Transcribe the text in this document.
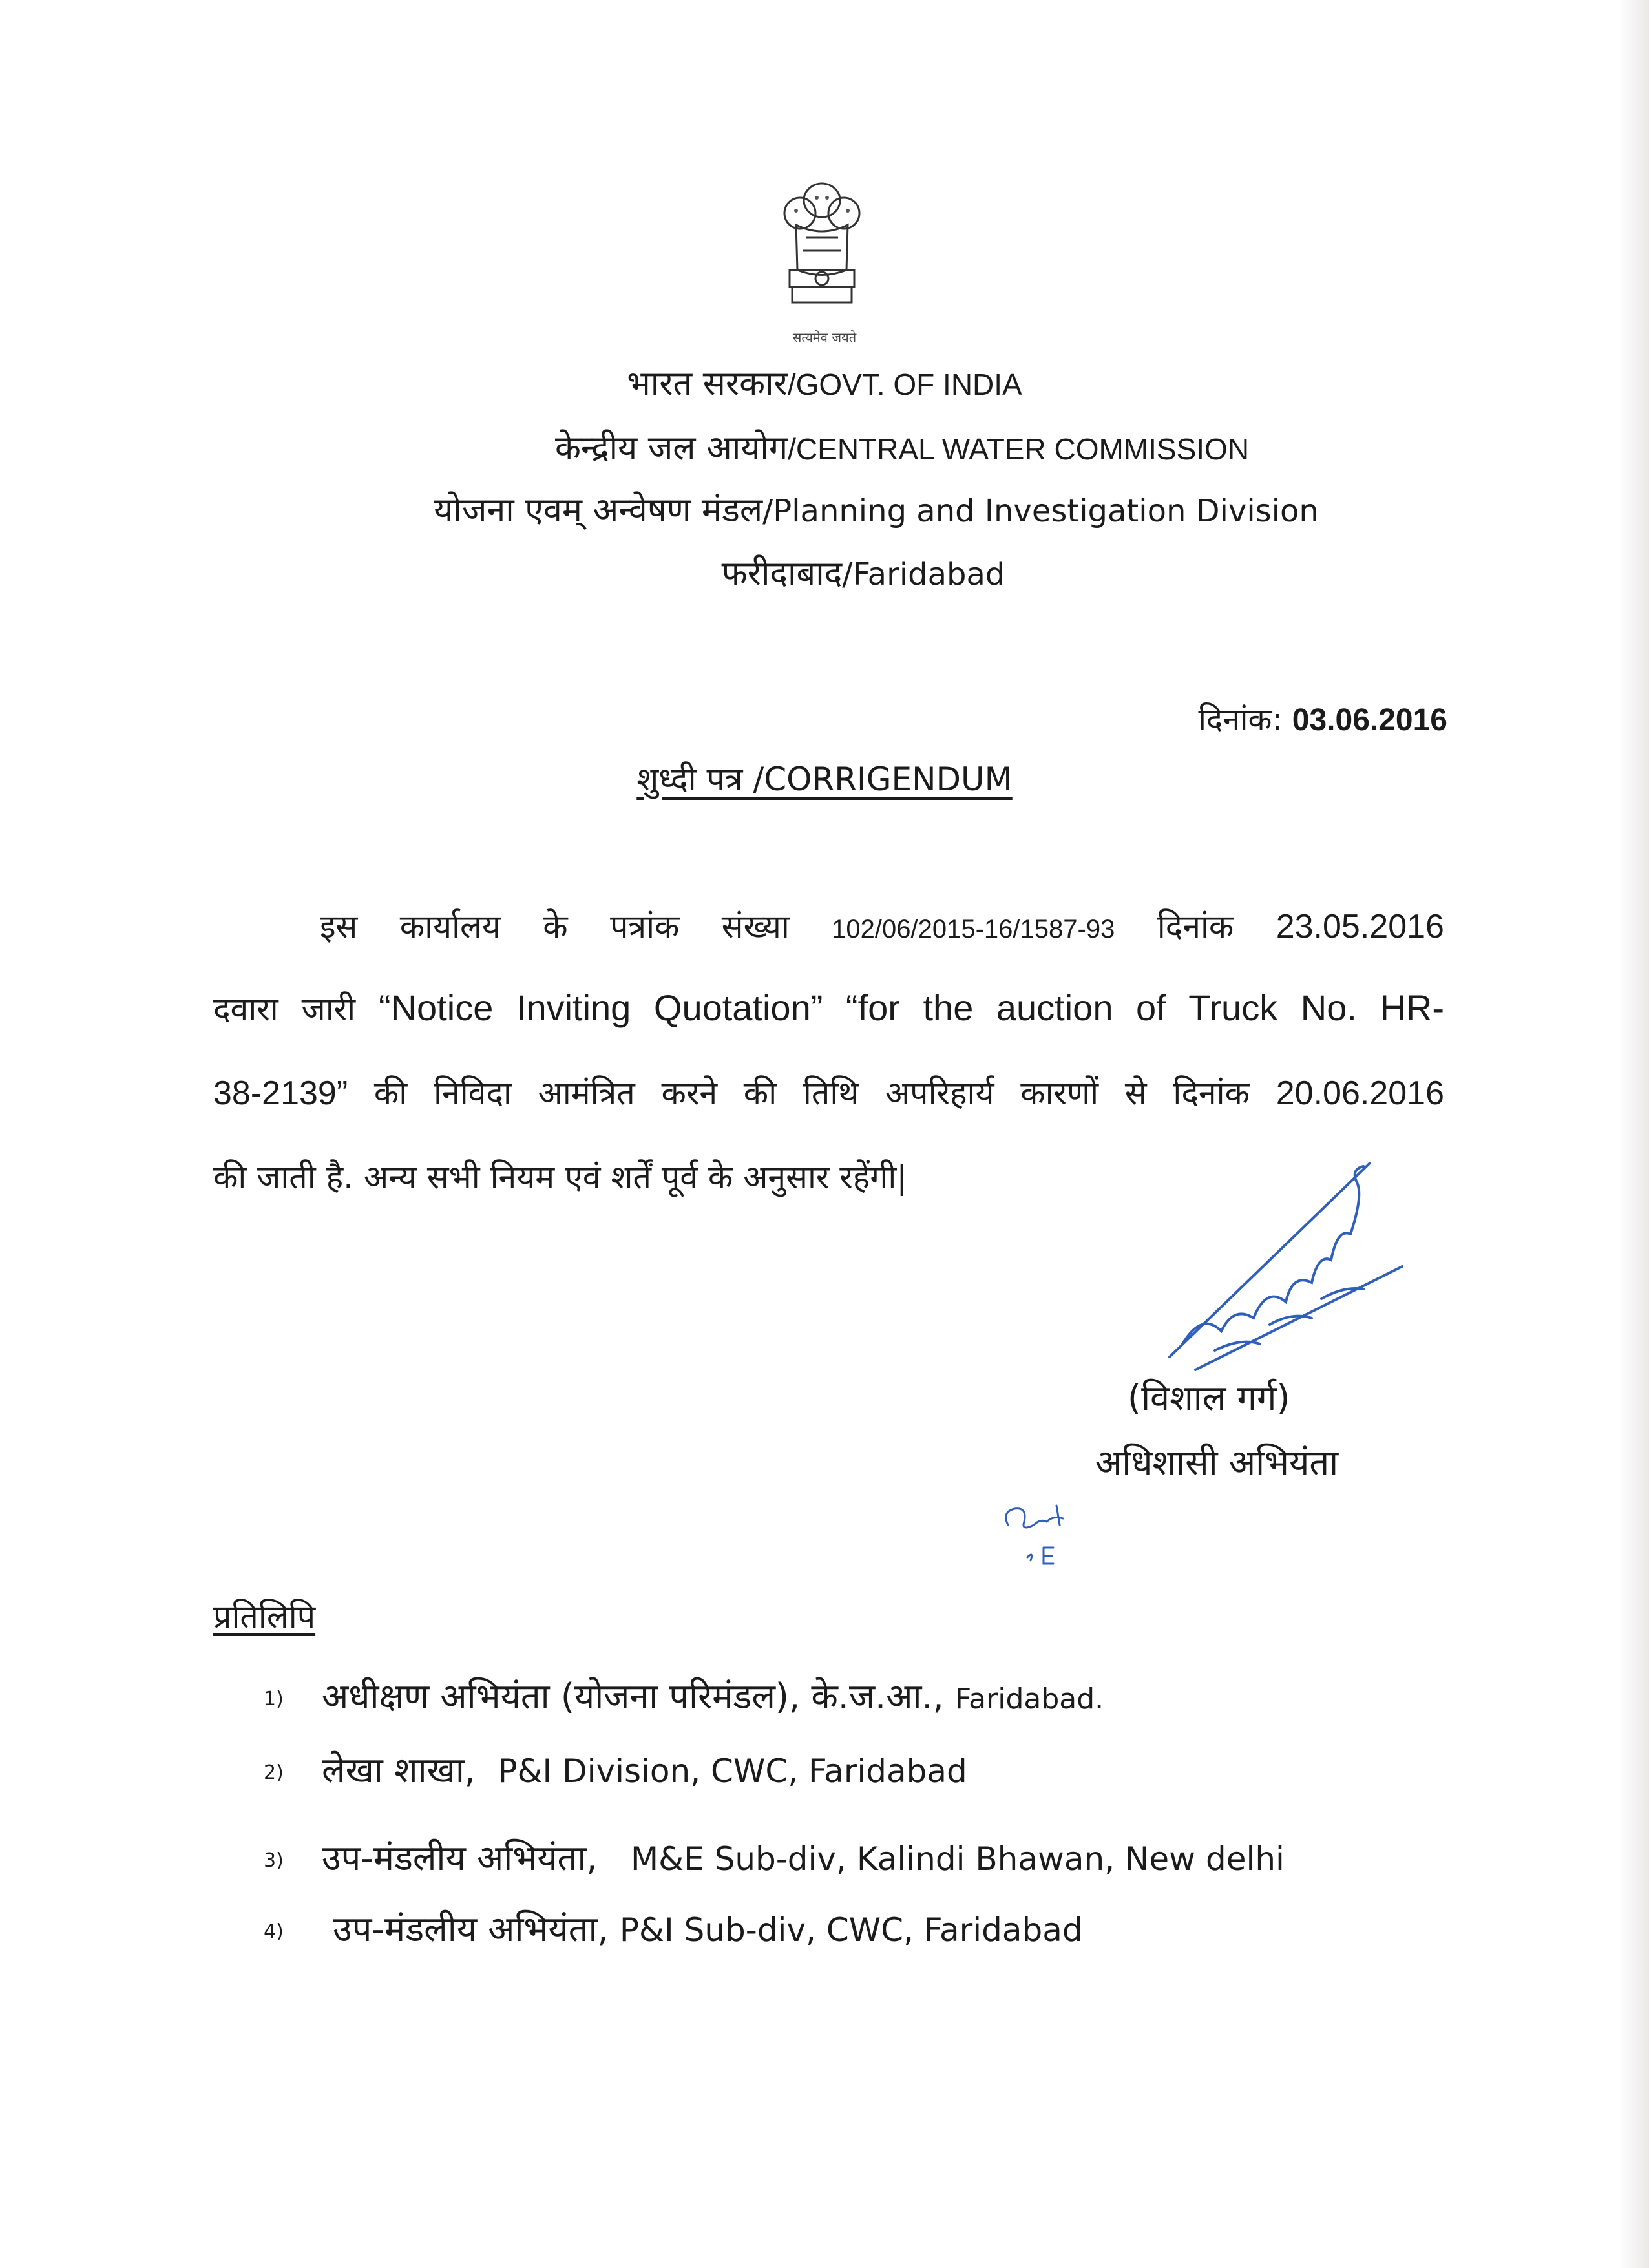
सत्यमेव जयते
भारत सरकार/GOVT. OF INDIA
केन्द्रीय जल आयोग/CENTRAL WATER COMMISSION
योजना एवम् अन्वेषण मंडल/Planning and Investigation Division
फरीदाबाद/Faridabad
दिनांक: 03.06.2016
शुध्दी पत्र /CORRIGENDUM
इस कार्यालय के पत्रांक संख्या 102/06/2015-16/1587-93 दिनांक 23.05.2016
दवारा जारी “Notice Inviting Quotation” “for the auction of Truck No. HR-
38-2139” की निविदा आमंत्रित करने की तिथि अपरिहार्य कारणों से दिनांक 20.06.2016
की जाती है. अन्य सभी नियम एवं शर्तें पूर्व के अनुसार रहेंगी|
(विशाल गर्ग)
अधिशासी अभियंता
प्रतिलिपि
1) अधीक्षण अभियंता (योजना परिमंडल), के.ज.आ., Faridabad.
2) लेखा शाखा, P&I Division, CWC, Faridabad
3) उप-मंडलीय अभियंता, M&E Sub-div, Kalindi Bhawan, New delhi
4) उप-मंडलीय अभियंता, P&I Sub-div, CWC, Faridabad
